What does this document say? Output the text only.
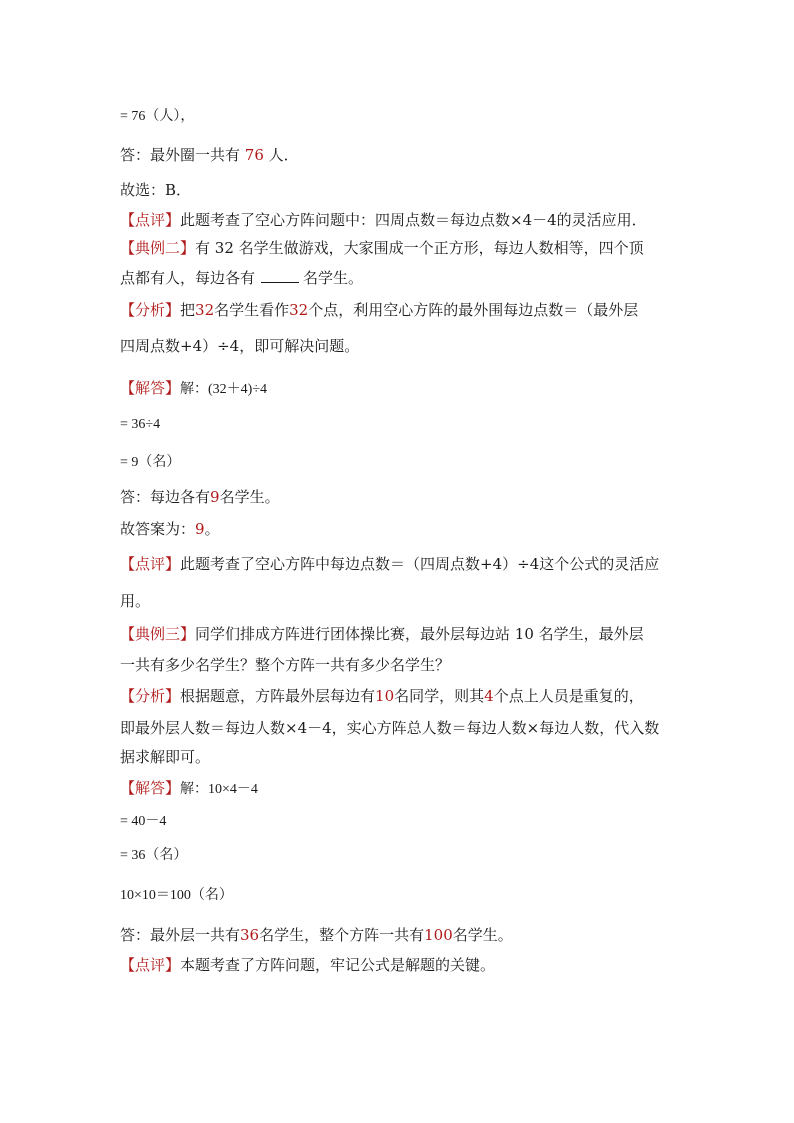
= 76（人），
答：最外圈一共有 76 人．
故选：B．
【点评】此题考查了空心方阵问题中：四周点数＝每边点数×4－4的灵活应用．
【典例二】有 32 名学生做游戏，大家围成一个正方形，每边人数相等，四个顶
点都有人，每边各有	名学生。
【分析】把32名学生看作32个点，利用空心方阵的最外围每边点数＝（最外层
四周点数+4）÷4，即可解决问题。
【解答】解：(32＋4)÷4
= 36÷4
= 9（名）
答：每边各有9名学生。
故答案为：9。
【点评】此题考查了空心方阵中每边点数＝（四周点数+4）÷4这个公式的灵活应
用。
【典例三】同学们排成方阵进行团体操比赛，最外层每边站 10 名学生，最外层
一共有多少名学生？整个方阵一共有多少名学生？
【分析】根据题意，方阵最外层每边有10名同学，则其4个点上人员是重复的，
即最外层人数＝每边人数×4－4，实心方阵总人数＝每边人数×每边人数，代入数
据求解即可。
【解答】解：10×4－4
= 40－4
= 36（名）
10×10＝100（名）
答：最外层一共有36名学生，整个方阵一共有100名学生。
【点评】本题考查了方阵问题，牢记公式是解题的关键。
